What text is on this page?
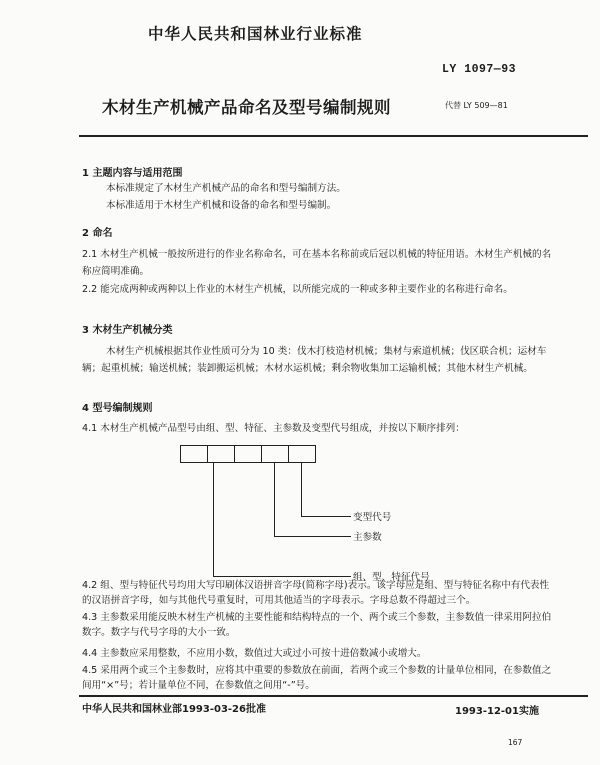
中华人民共和国林业行业标准
LY 1097—93
木材生产机械产品命名及型号编制规则	代替 LY 509—81
1 主题内容与适用范围
本标准规定了木材生产机械产品的命名和型号编制方法。
本标准适用于木材生产机械和设备的命名和型号编制。
2 命名
2.1 木材生产机械一般按所进行的作业名称命名，可在基本名称前或后冠以机械的特征用语。木材生产机械的名称应简明准确。
2.2 能完成两种或两种以上作业的木材生产机械，以所能完成的一种或多种主要作业的名称进行命名。
3 木材生产机械分类
木材生产机械根据其作业性质可分为 10 类：伐木打枝造材机械；集材与索道机械；伐区联合机；运材车辆；起重机械；输送机械；装卸搬运机械；木材水运机械；剩余物收集加工运输机械；其他木材生产机械。
4 型号编制规则
4.1 木材生产机械产品型号由组、型、特征、主参数及变型代号组成，并按以下顺序排列：
变型代号
主参数
组、型、特征代号
4.2 组、型与特征代号均用大写印刷体汉语拼音字母(简称字母)表示。该字母应是组、型与特征名称中有代表性的汉语拼音字母，如与其他代号重复时，可用其他适当的字母表示。字母总数不得超过三个。
4.3 主参数采用能反映木材生产机械的主要性能和结构特点的一个、两个或三个参数，主参数值一律采用阿拉伯数字。数字与代号字母的大小一致。
4.4 主参数应采用整数，不应用小数，数值过大或过小可按十进倍数减小或增大。
中华人民共和国林业部1993-03-26批准	1993-12-01实施
167
4.5 采用两个或三个主参数时，应将其中重要的参数放在前面，若两个或三个参数的计量单位相同，在参数值之间用“×”号；若计量单位不同，在参数值之间用“-”号。
